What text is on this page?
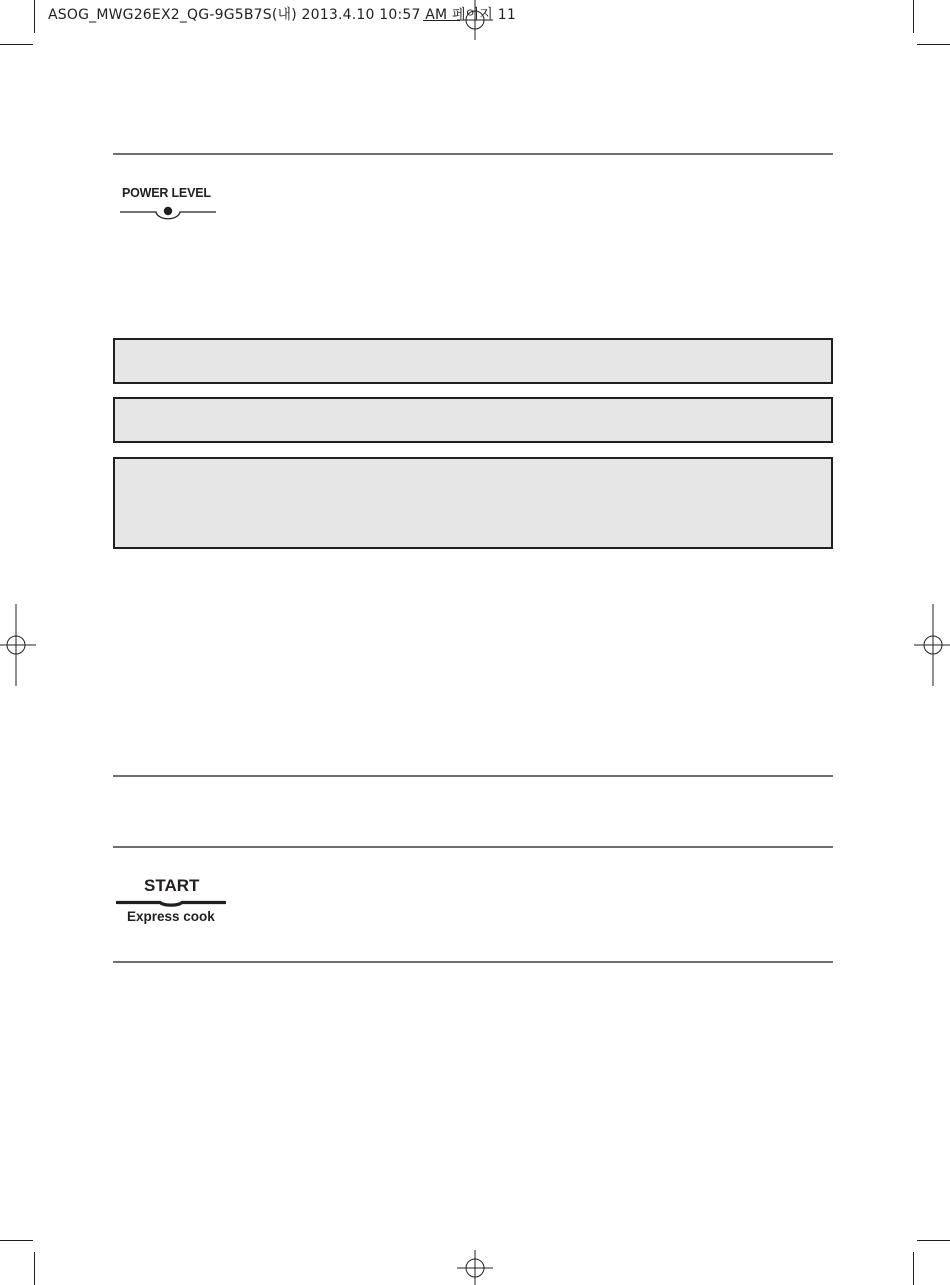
ASOG_MWG26EX2_QG-9G5B7S(내) 2013.4.10 10:57 AM 페이지 11
POWER LEVEL
START
Express cook
